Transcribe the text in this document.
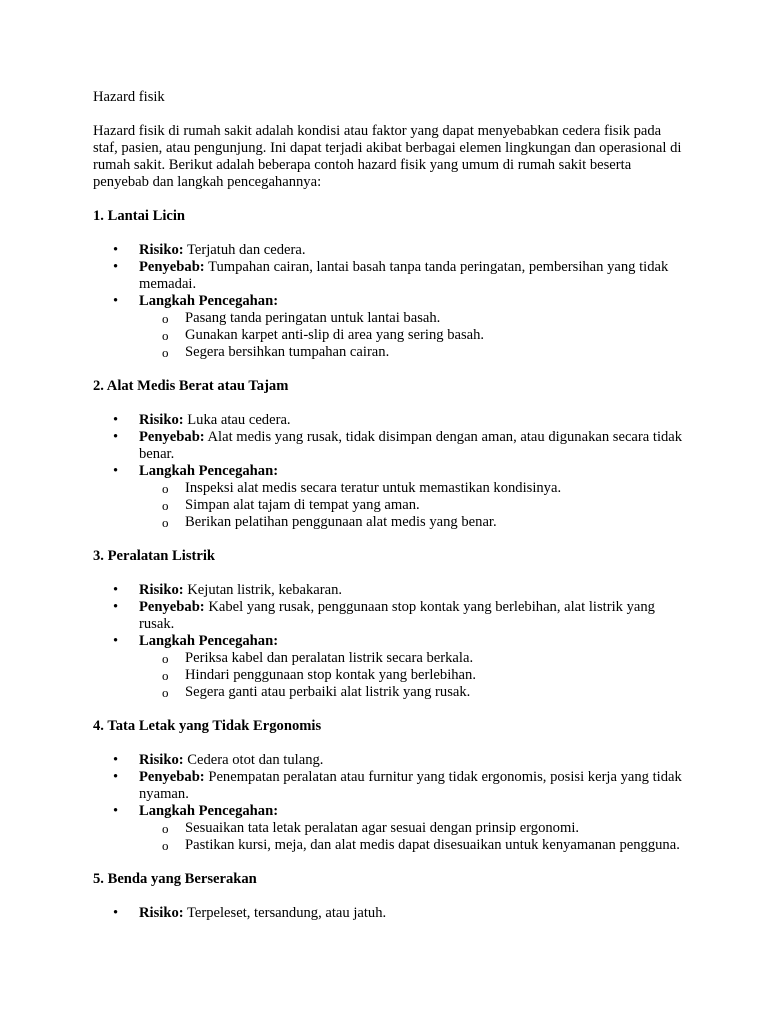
Hazard fisik

Hazard fisik di rumah sakit adalah kondisi atau faktor yang dapat menyebabkan cedera fisik pada staf, pasien, atau pengunjung. Ini dapat terjadi akibat berbagai elemen lingkungan dan operasional di rumah sakit. Berikut adalah beberapa contoh hazard fisik yang umum di rumah sakit beserta penyebab dan langkah pencegahannya:

1. Lantai Licin
• Risiko: Terjatuh dan cedera.
• Penyebab: Tumpahan cairan, lantai basah tanpa tanda peringatan, pembersihan yang tidak memadai.
• Langkah Pencegahan:
o Pasang tanda peringatan untuk lantai basah.
o Gunakan karpet anti-slip di area yang sering basah.
o Segera bersihkan tumpahan cairan.
2. Alat Medis Berat atau Tajam
• Risiko: Luka atau cedera.
• Penyebab: Alat medis yang rusak, tidak disimpan dengan aman, atau digunakan secara tidak benar.
• Langkah Pencegahan:
o Inspeksi alat medis secara teratur untuk memastikan kondisinya.
o Simpan alat tajam di tempat yang aman.
o Berikan pelatihan penggunaan alat medis yang benar.
3. Peralatan Listrik
• Risiko: Kejutan listrik, kebakaran.
• Penyebab: Kabel yang rusak, penggunaan stop kontak yang berlebihan, alat listrik yang rusak.
• Langkah Pencegahan:
o Periksa kabel dan peralatan listrik secara berkala.
o Hindari penggunaan stop kontak yang berlebihan.
o Segera ganti atau perbaiki alat listrik yang rusak.
4. Tata Letak yang Tidak Ergonomis
• Risiko: Cedera otot dan tulang.
• Penyebab: Penempatan peralatan atau furnitur yang tidak ergonomis, posisi kerja yang tidak nyaman.
• Langkah Pencegahan:
o Sesuaikan tata letak peralatan agar sesuai dengan prinsip ergonomi.
o Pastikan kursi, meja, dan alat medis dapat disesuaikan untuk kenyamanan pengguna.
5. Benda yang Berserakan
• Risiko: Terpeleset, tersandung, atau jatuh.
